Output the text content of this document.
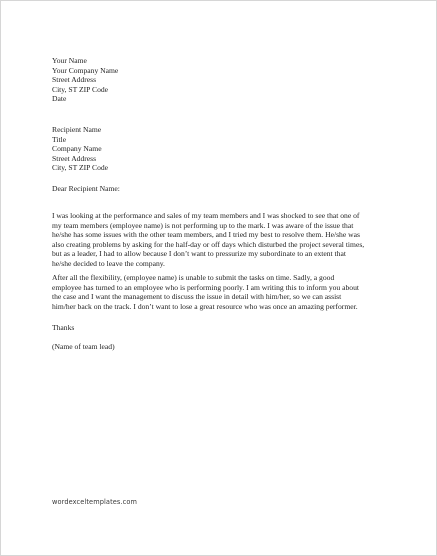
Your Name
Your Company Name
Street Address
City, ST ZIP Code
Date
Recipient Name
Title
Company Name
Street Address
City, ST ZIP Code
Dear Recipient Name:
I was looking at the performance and sales of my team members and I was shocked to see that one of
my team members (employee name) is not performing up to the mark. I was aware of the issue that
he/she has some issues with the other team members, and I tried my best to resolve them. He/she was
also creating problems by asking for the half-day or off days which disturbed the project several times,
but as a leader, I had to allow because I don’t want to pressurize my subordinate to an extent that
he/she decided to leave the company.
After all the flexibility, (employee name) is unable to submit the tasks on time. Sadly, a good
employee has turned to an employee who is performing poorly. I am writing this to inform you about
the case and I want the management to discuss the issue in detail with him/her, so we can assist
him/her back on the track. I don’t want to lose a great resource who was once an amazing performer.
Thanks
(Name of team lead)
wordexceltemplates.com
